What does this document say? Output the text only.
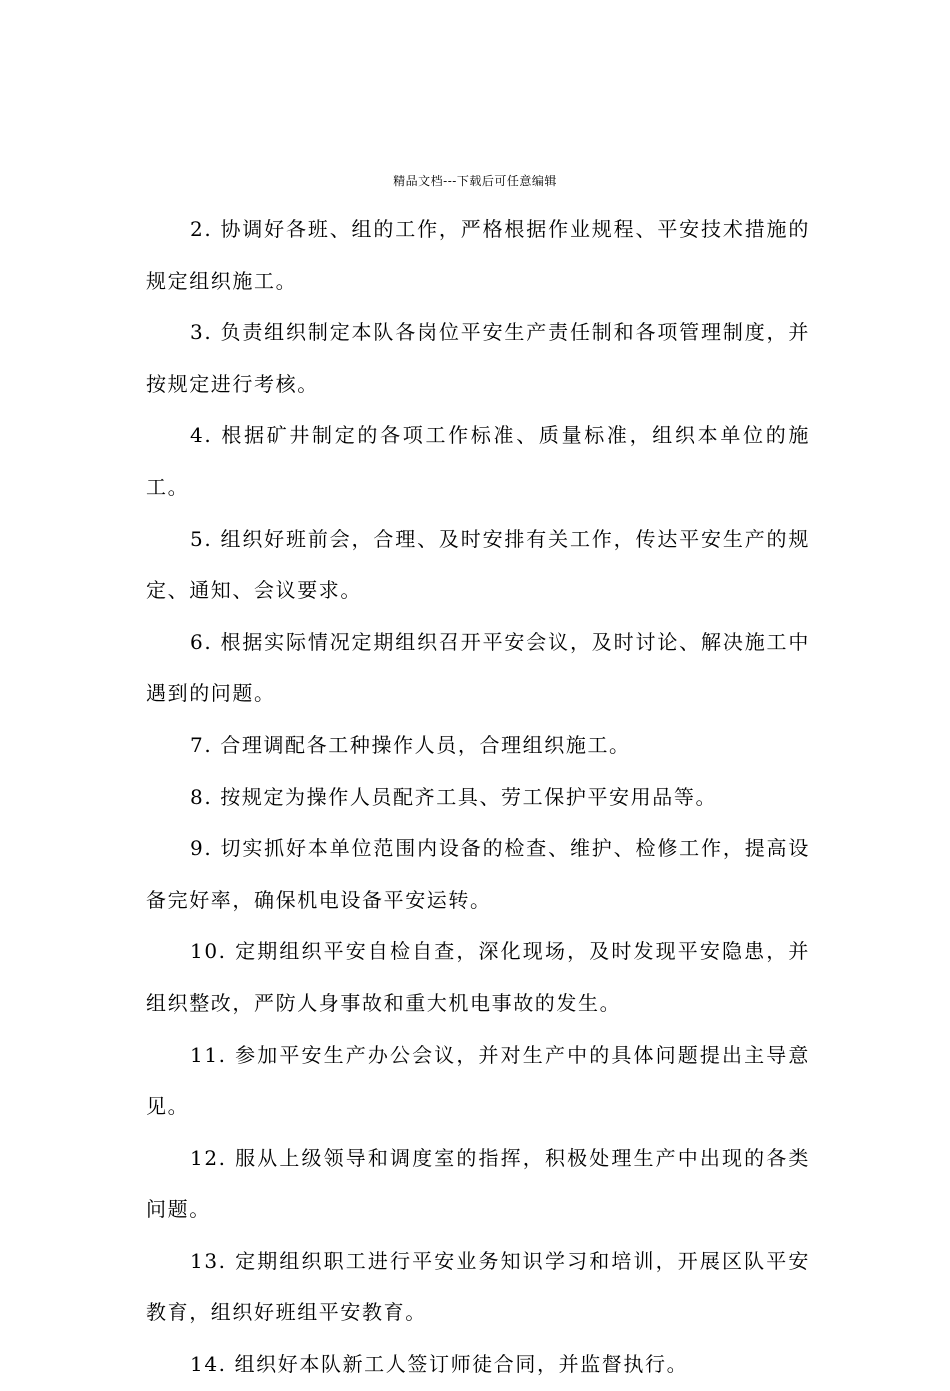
精品文档---下载后可任意编辑

2. 协调好各班、组的工作，严格根据作业规程、平安技术措施的规定组织施工。

3. 负责组织制定本队各岗位平安生产责任制和各项管理制度，并按规定进行考核。

4. 根据矿井制定的各项工作标准、质量标准，组织本单位的施工。

5. 组织好班前会，合理、及时安排有关工作，传达平安生产的规定、通知、会议要求。

6. 根据实际情况定期组织召开平安会议，及时讨论、解决施工中遇到的问题。

7. 合理调配各工种操作人员，合理组织施工。

8. 按规定为操作人员配齐工具、劳工保护平安用品等。

9. 切实抓好本单位范围内设备的检查、维护、检修工作，提高设备完好率，确保机电设备平安运转。

10. 定期组织平安自检自查，深化现场，及时发现平安隐患，并组织整改，严防人身事故和重大机电事故的发生。

11. 参加平安生产办公会议，并对生产中的具体问题提出主导意见。

12. 服从上级领导和调度室的指挥，积极处理生产中出现的各类问题。

13. 定期组织职工进行平安业务知识学习和培训，开展区队平安教育，组织好班组平安教育。

14. 组织好本队新工人签订师徒合同，并监督执行。
